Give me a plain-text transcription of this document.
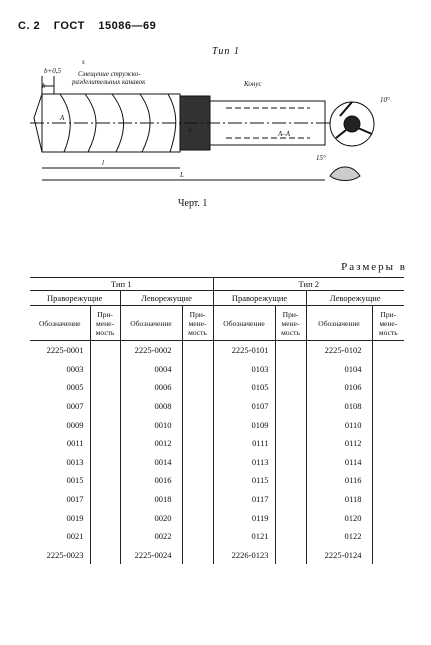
С. 2 ГОСТ 15086—69
Тип 1
b+0,5
b
s
Смещение стружко-
разделительных канавок	Конус
10°
15°
A
A–A
d
l
L
Черт. 1
Размеры в
Тип 1				Тип 2			
Праворежущие		Леворежущие		Праворежущие		Леворежущие	
Обозначение	При-
мене-
мость	Обозначение	При-
мене-
мость	Обозначение	При-
мене-
мость	Обозначение	При-
мене-
мость
2225-0001		2225-0002		2225-0101		2225-0102	
0003		0004		0103		0104	
0005		0006		0105		0106	
0007		0008		0107		0108	
0009		0010		0109		0110	
0011		0012		0111		0112	
0013		0014		0113		0114	
0015		0016		0115		0116	
0017		0018		0117		0118	
0019		0020		0119		0120	
0021		0022		0121		0122	
2225-0023		2225-0024		2226-0123		2225-0124	
